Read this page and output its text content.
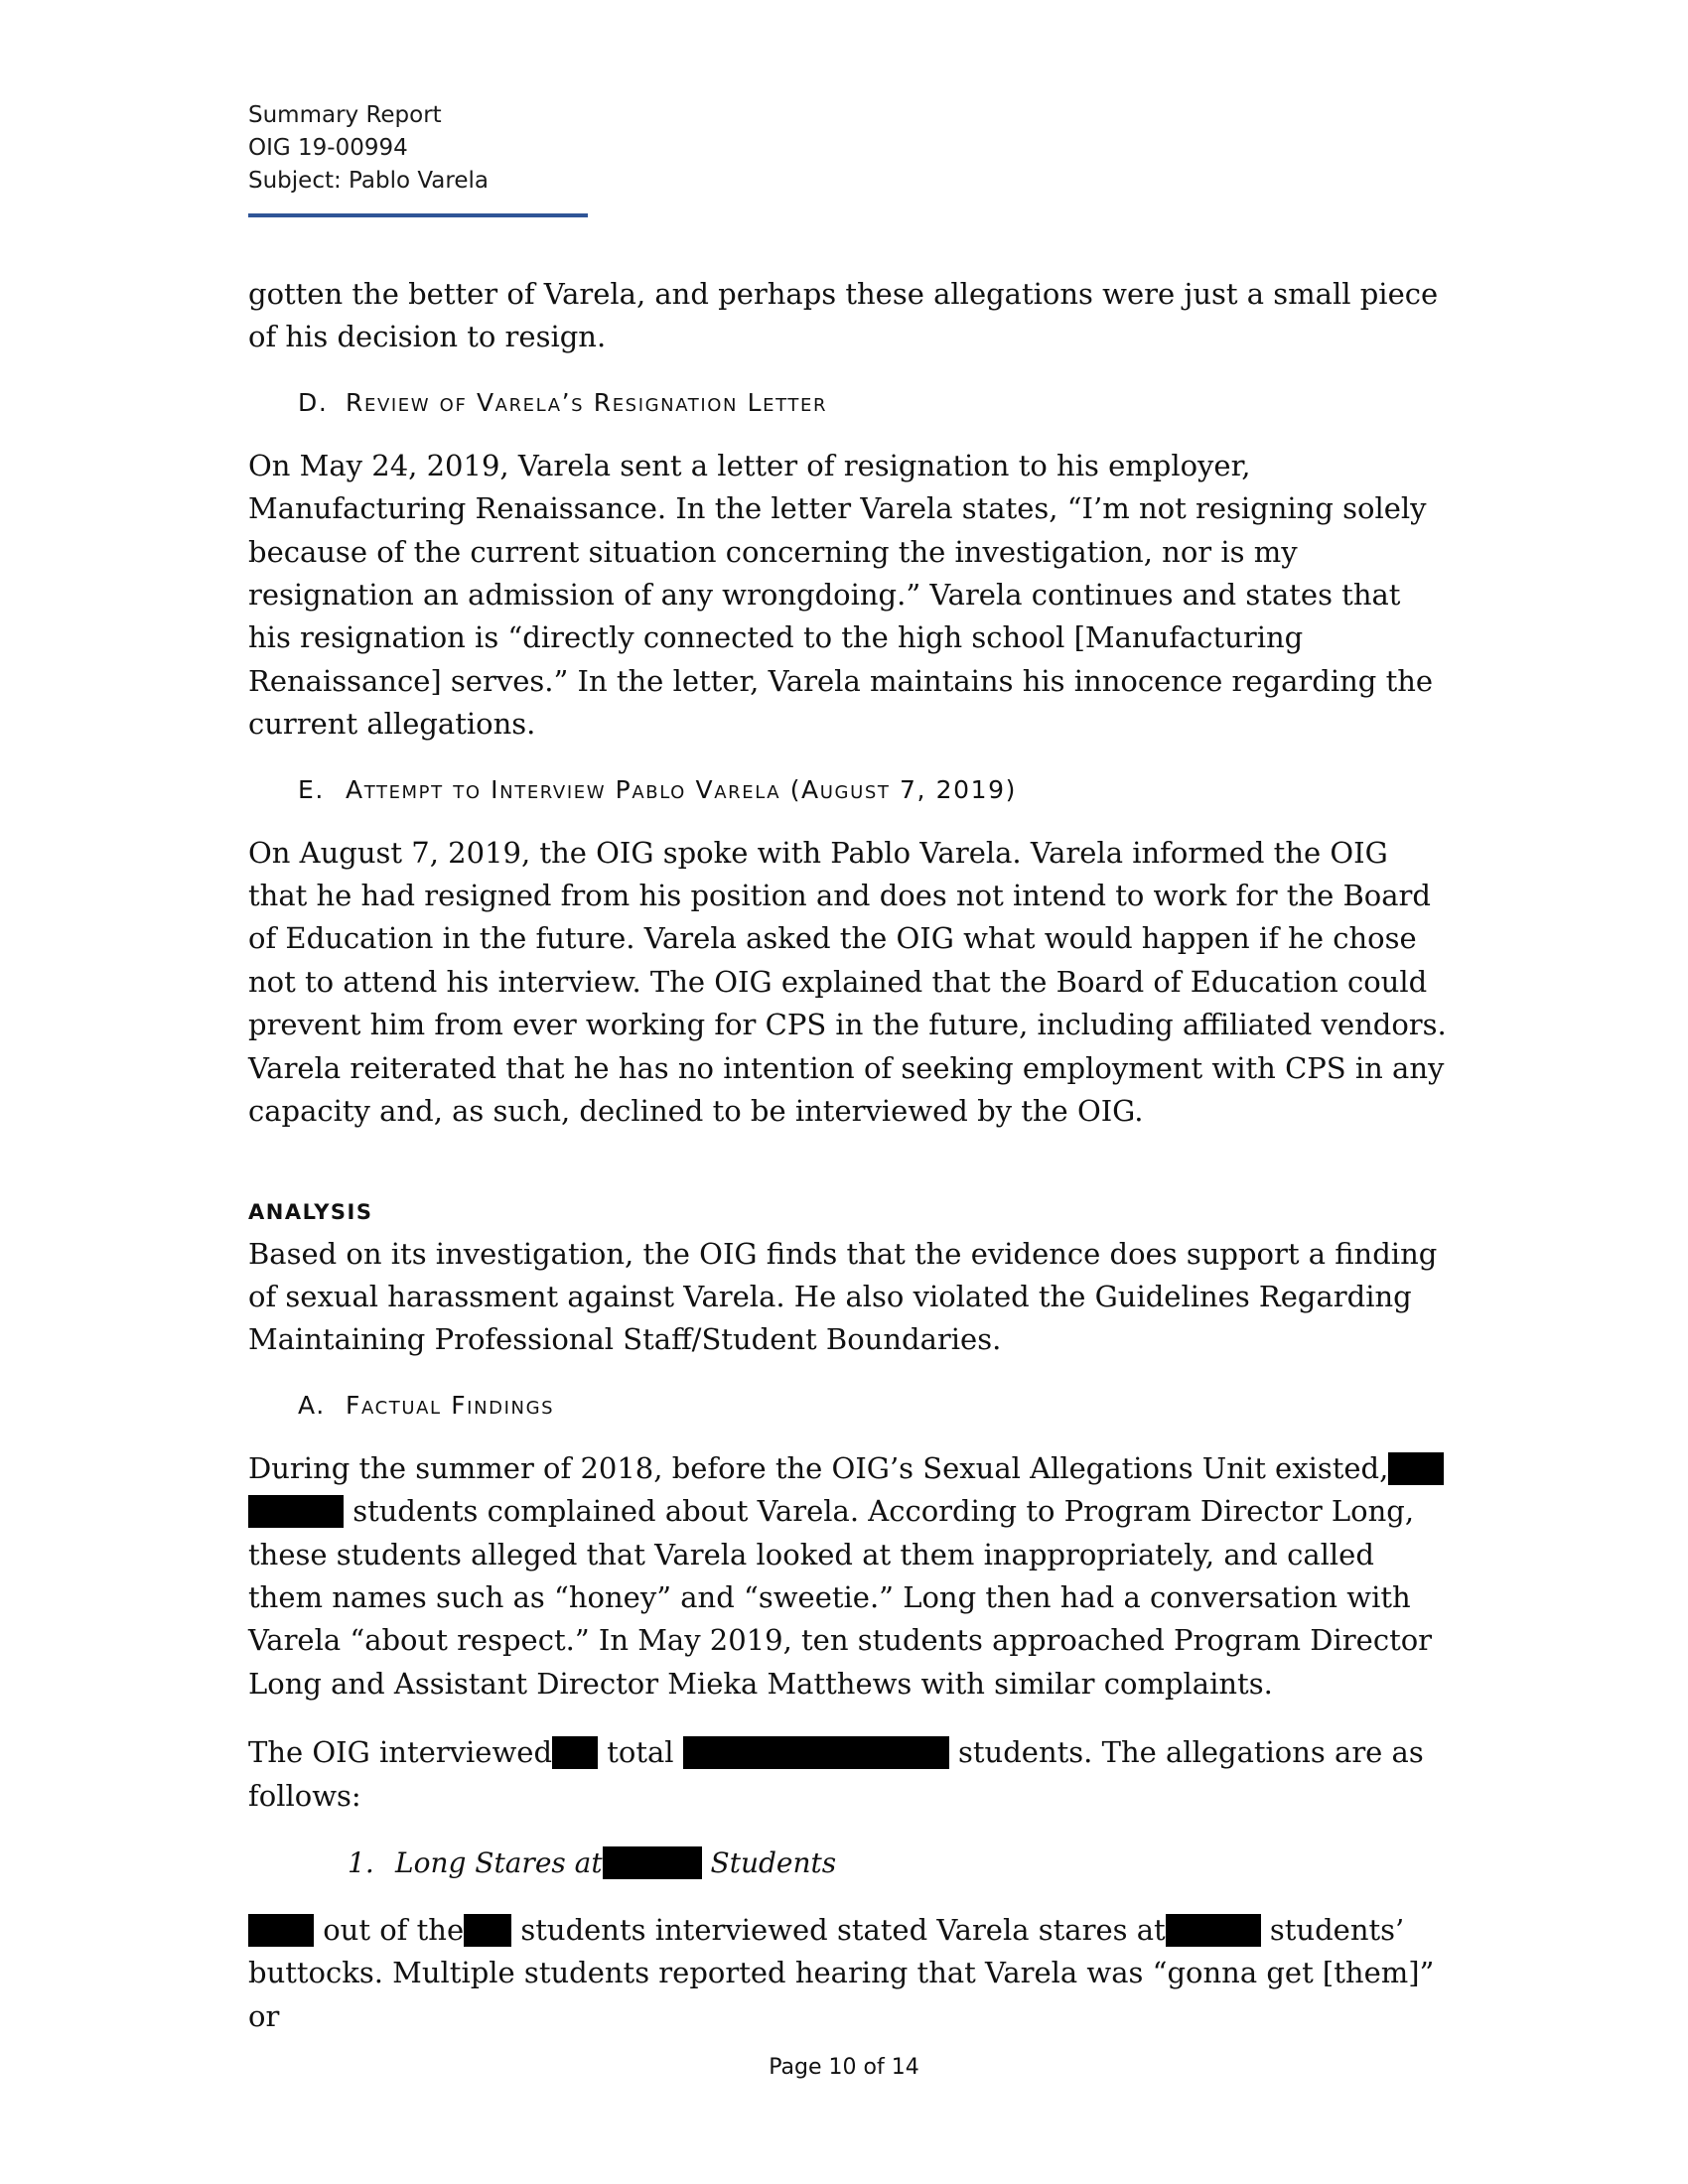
Summary Report
OIG 19-00994
Subject: Pablo Varela

gotten the better of Varela, and perhaps these allegations were just a small piece of his decision to resign.

D. Review of Varela’s Resignation Letter

On May 24, 2019, Varela sent a letter of resignation to his employer, Manufacturing Renaissance. In the letter Varela states, “I’m not resigning solely because of the current situation concerning the investigation, nor is my resignation an admission of any wrongdoing.” Varela continues and states that his resignation is “directly connected to the high school [Manufacturing Renaissance] serves.” In the letter, Varela maintains his innocence regarding the current allegations.

E. Attempt to Interview Pablo Varela (August 7, 2019)

On August 7, 2019, the OIG spoke with Pablo Varela. Varela informed the OIG that he had resigned from his position and does not intend to work for the Board of Education in the future. Varela asked the OIG what would happen if he chose not to attend his interview. The OIG explained that the Board of Education could prevent him from ever working for CPS in the future, including affiliated vendors. Varela reiterated that he has no intention of seeking employment with CPS in any capacity and, as such, declined to be interviewed by the OIG.

ANALYSIS

Based on its investigation, the OIG finds that the evidence does support a finding of sexual harassment against Varela. He also violated the Guidelines Regarding Maintaining Professional Staff/Student Boundaries.

A. Factual Findings

During the summer of 2018, before the OIG’s Sexual Allegations Unit existed,  students complained about Varela. According to Program Director Long, these students alleged that Varela looked at them inappropriately, and called them names such as “honey” and “sweetie.” Long then had a conversation with Varela “about respect.” In May 2019, ten students approached Program Director Long and Assistant Director Mieka Matthews with similar complaints.

The OIG interviewed total	students. The allegations are as follows:

1. Long Stares at	Students

out of the students interviewed stated Varela stares at	students’ buttocks. Multiple students reported hearing that Varela was “gonna get [them]” or

Page 10 of 14
